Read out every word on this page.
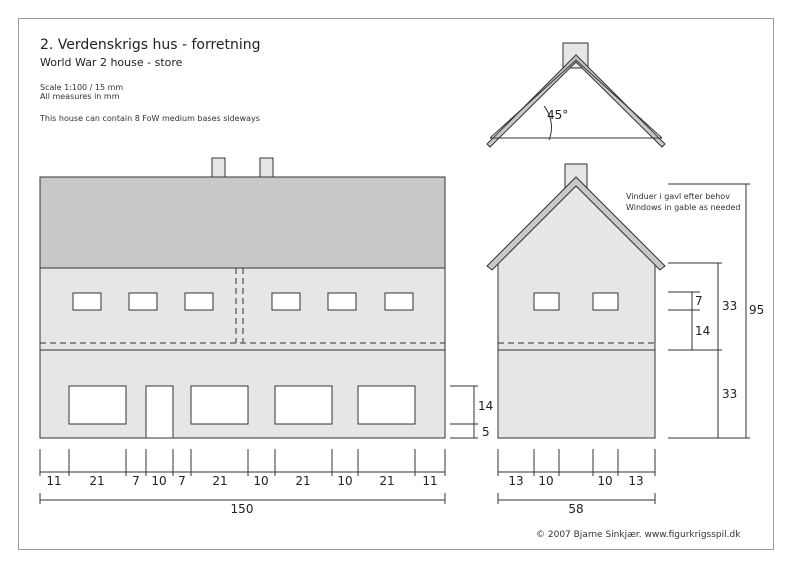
2. Verdenskrigs hus - forretning
World War 2 house - store
Scale 1:100 / 15 mm
All measures in mm
This house can contain 8 FoW medium bases sideways
Vinduer i gavl efter behov
Windows in gable as needed
© 2007 Bjarne Sinkjær. www.figurkrigsspil.dk
45°
14
5
11 21 7 10 7 21 10 21 10 21 11
150
7
14
33
33
95
13 10	10 13
58
